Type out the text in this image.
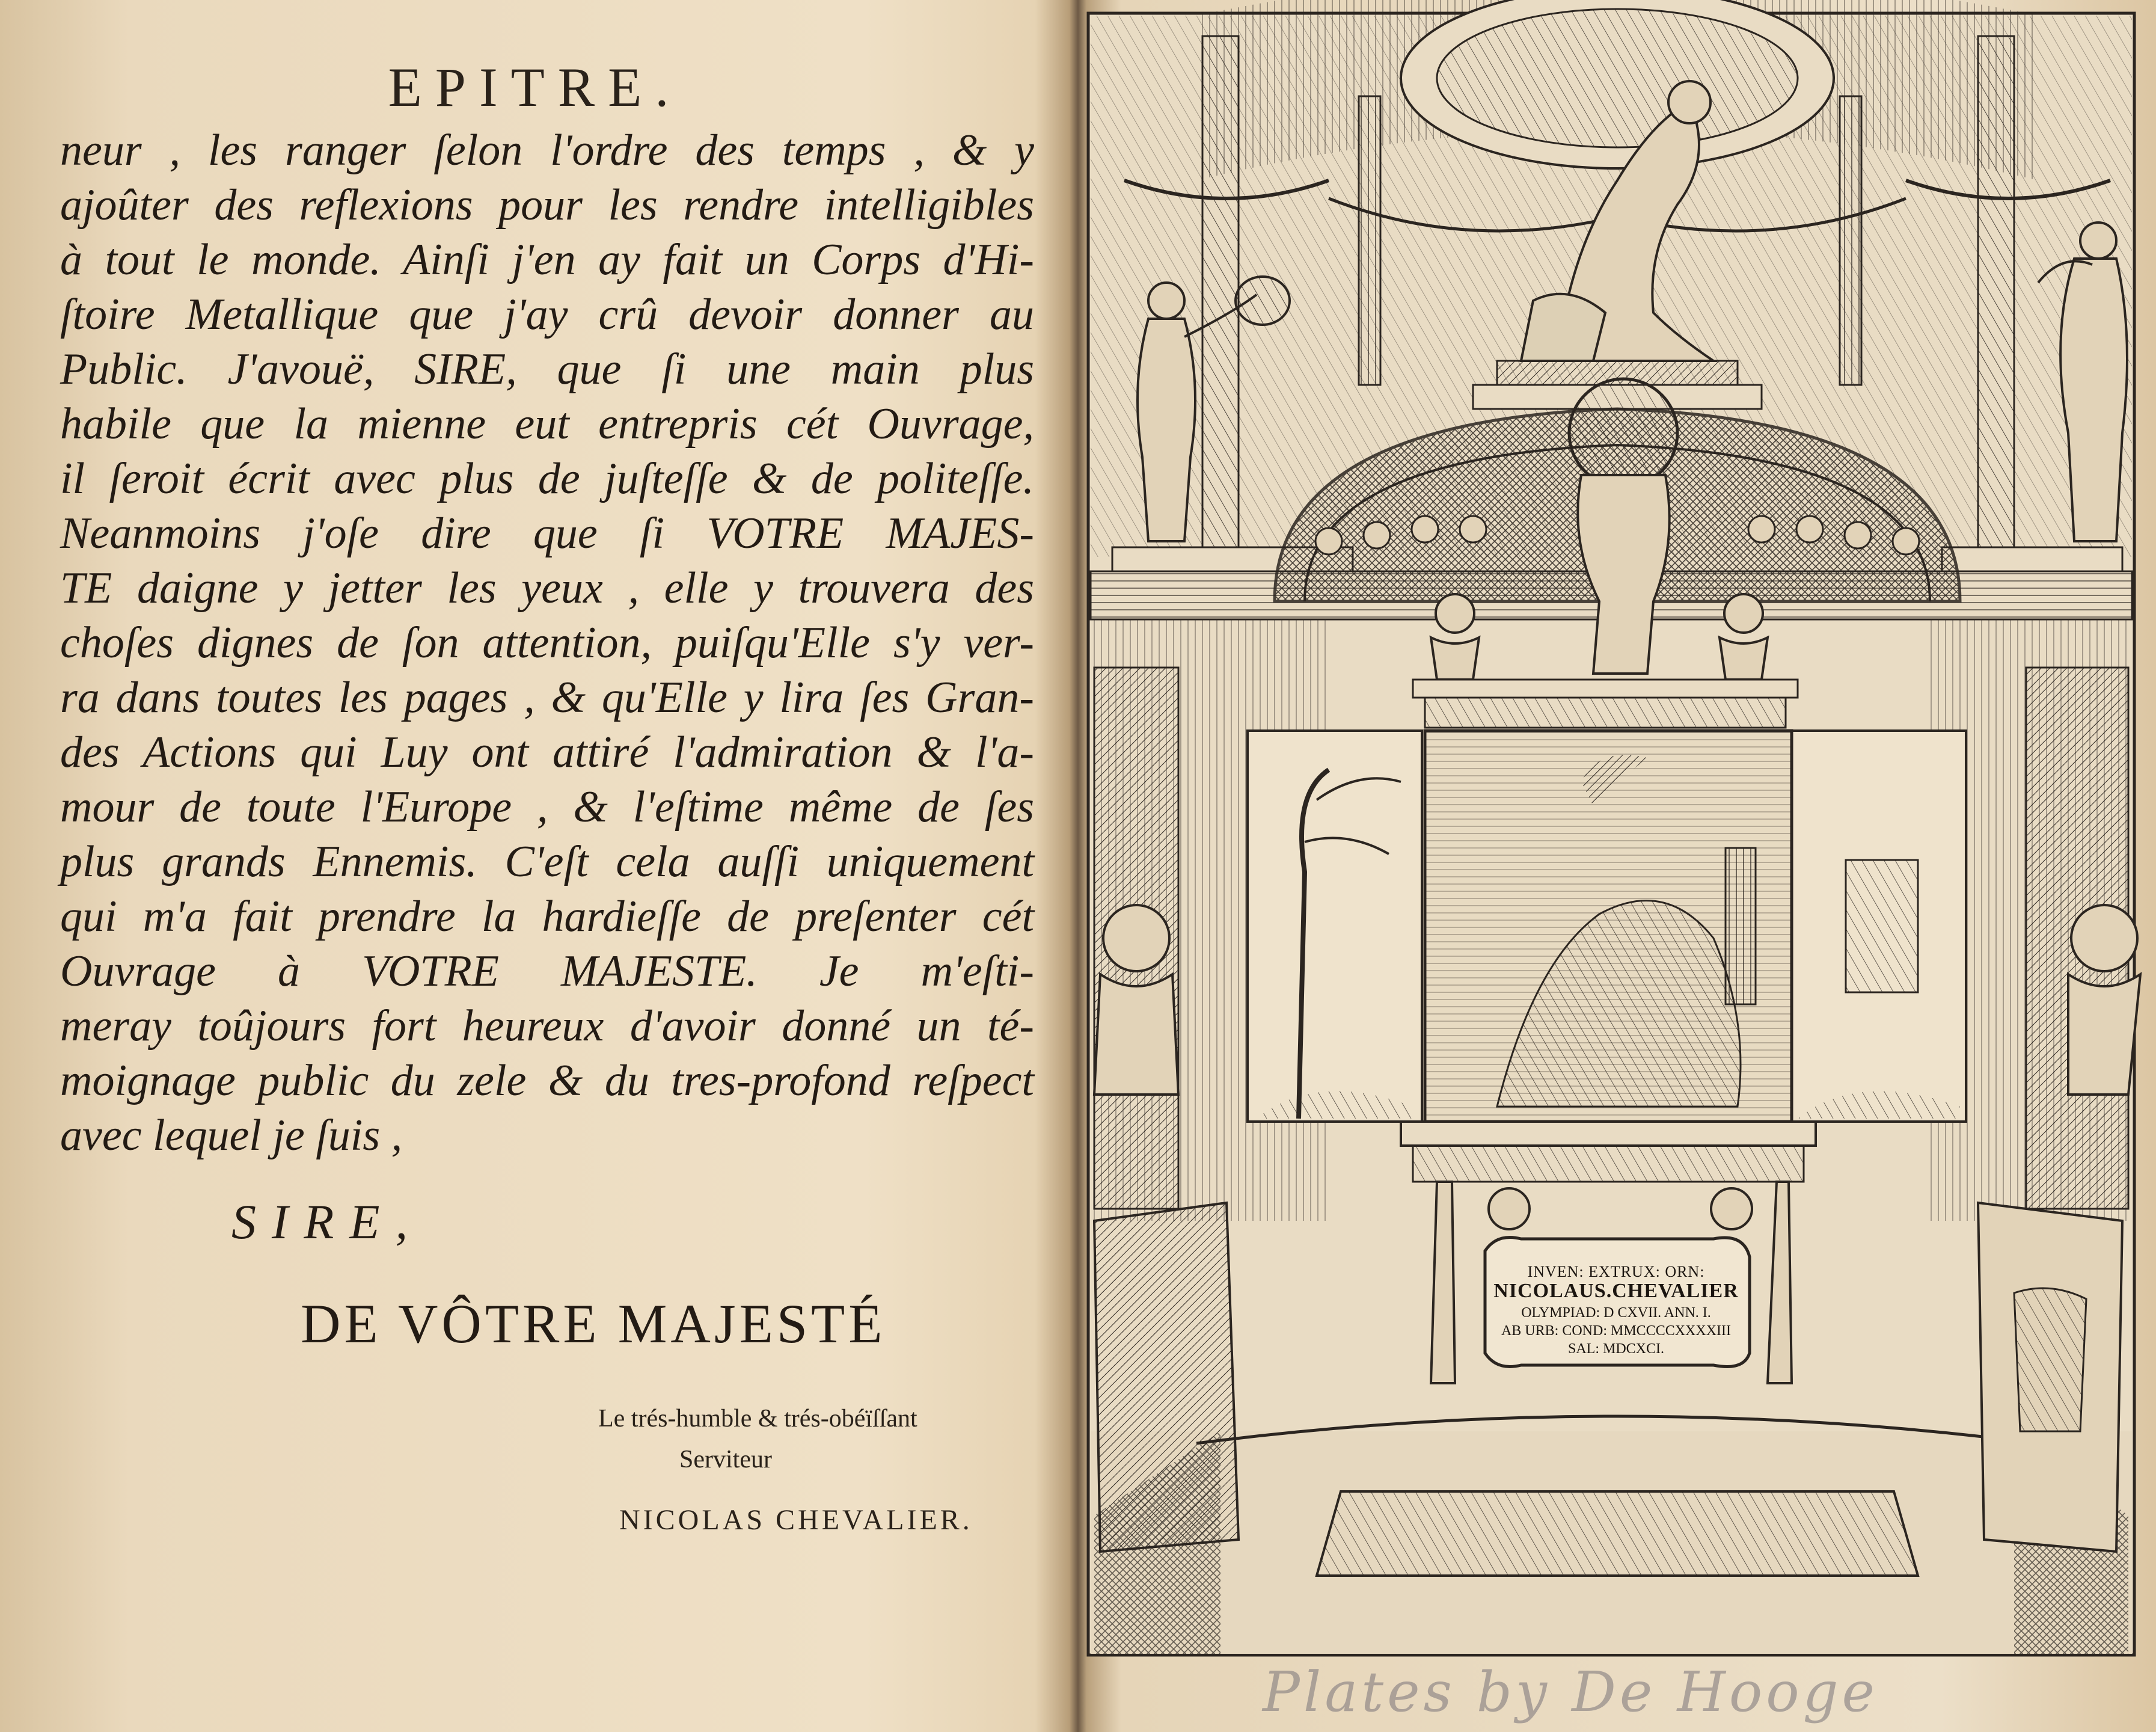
EPITRE.
neur , les ranger ſelon l'ordre des temps , & y
ajoûter des reflexions pour les rendre intelligibles
à tout le monde. Ainſi j'en ay fait un Corps d'Hi-
ſtoire Metallique que j'ay crû devoir donner au
Public. J'avouë, SIRE, que ſi une main plus
habile que la mienne eut entrepris cét Ouvrage,
il ſeroit écrit avec plus de juſteſſe & de politeſſe.
Neanmoins j'oſe dire que ſi VOTRE MAJES-
TE daigne y jetter les yeux , elle y trouvera des
choſes dignes de ſon attention, puiſqu'Elle s'y ver-
ra dans toutes les pages , & qu'Elle y lira ſes Gran-
des Actions qui Luy ont attiré l'admiration & l'a-
mour de toute l'Europe , & l'eſtime même de ſes
plus grands Ennemis. C'eſt cela auſſi uniquement
qui m'a fait prendre la hardieſſe de preſenter cét
Ouvrage à VOTRE MAJESTE. Je m'eſti-
meray toûjours fort heureux d'avoir donné un té-
moignage public du zele & du tres-profond reſpect
avec lequel je ſuis ,
SIRE,
DE VÔTRE MAJESTÉ
Le trés-humble & trés-obéïſſant
Serviteur
NICOLAS CHEVALIER.
INVEN: EXTRUX: ORN:
NICOLAUS.CHEVALIER
OLYMPIAD: D CXVII. ANN. I.
AB URB: COND: MMCCCCXXXXIII
SAL: MDCXCI.
Plates by De Hooge
